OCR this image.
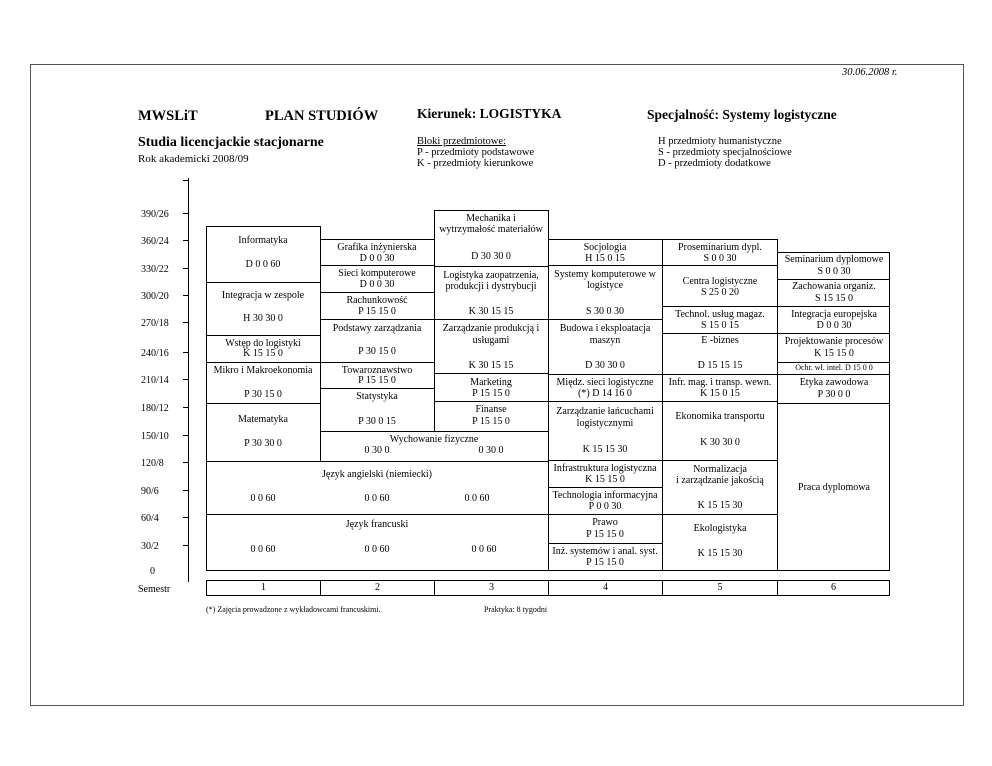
30.06.2008 r.
MWSLiT	PLAN STUDIÓW	Kierunek: LOGISTYKA	Specjalność: Systemy logistyczne
Studia licencjackie stacjonarne
Rok akademicki 2008/09
Bloki przedmiotowe:
P - przedmioty podstawowe
K - przedmioty kierunkowe
H przedmioty humanistyczne
S - przedmioty specjalnościowe
D - przedmioty dodatkowe
390/26
360/24
330/22
300/20
270/18
240/16
210/14
180/12
150/10
120/8
90/6
60/4
30/2
0
Semestr
Informatyka
D 0 0 60
Integracja w zespole
H 30 30 0
Wstęp do logistyki
K 15 15 0
Mikro i Makroekonomia
P 30 15 0
Matematyka
P 30 30 0
Grafika inżynierska
D 0 0 30
Sieci komputerowe
D 0 0 30
Rachunkowość
P 15 15 0
Podstawy zarządzania
P 30 15 0
Towaroznawstwo
P 15 15 0
Statystyka
P 30 0 15
Mechanika i
wytrzymałość materiałów
D 30 30 0
Logistyka zaopatrzenia,
produkcji i dystrybucji
K 30 15 15
Zarządzanie produkcją i
usługami
K 30 15 15
Marketing
P 15 15 0
Finanse
P 15 15 0
Wychowanie fizyczne
0 30 0	0 30 0
Język angielski (niemiecki)
0 0 60	0 0 60	0 0 60
Język francuski
0 0 60	0 0 60	0 0 60
Socjologia
H 15 0 15
Systemy komputerowe w
logistyce
S 30 0 30
Budowa i eksploatacja
maszyn
D 30 30 0
Międz. sieci logistyczne
(*) D 14 16 0
Zarządzanie łańcuchami
logistycznymi
K 15 15 30
Infrastruktura logistyczna
K 15 15 0
Technologia informacyjna
P 0 0 30
Prawo
P 15 15 0
Inż. systemów i anal. syst.
P 15 15 0
Proseminarium dypl.
S 0 0 30
Centra logistyczne
S 25 0 20
Technol. usług magaz.
S 15 0 15
E -biznes
D 15 15 15
Infr. mag. i transp. wewn.
K 15 0 15
Ekonomika transportu
K 30 30 0
Normalizacja
i zarządzanie jakością
K 15 15 30
Ekologistyka
K 15 15 30
Seminarium dyplomowe
S 0 0 30
Zachowania organiz.
S 15 15 0
Integracja europejska
D 0 0 30
Projektowanie procesów
K 15 15 0
Ochr. wł. intel. D 15 0 0
Etyka zawodowa
P 30 0 0
Praca dyplomowa
1	2	3	4	5	6
(*) Zajęcia prowadzone z wykładowcami francuskimi.	Praktyka: 8 tygodni
